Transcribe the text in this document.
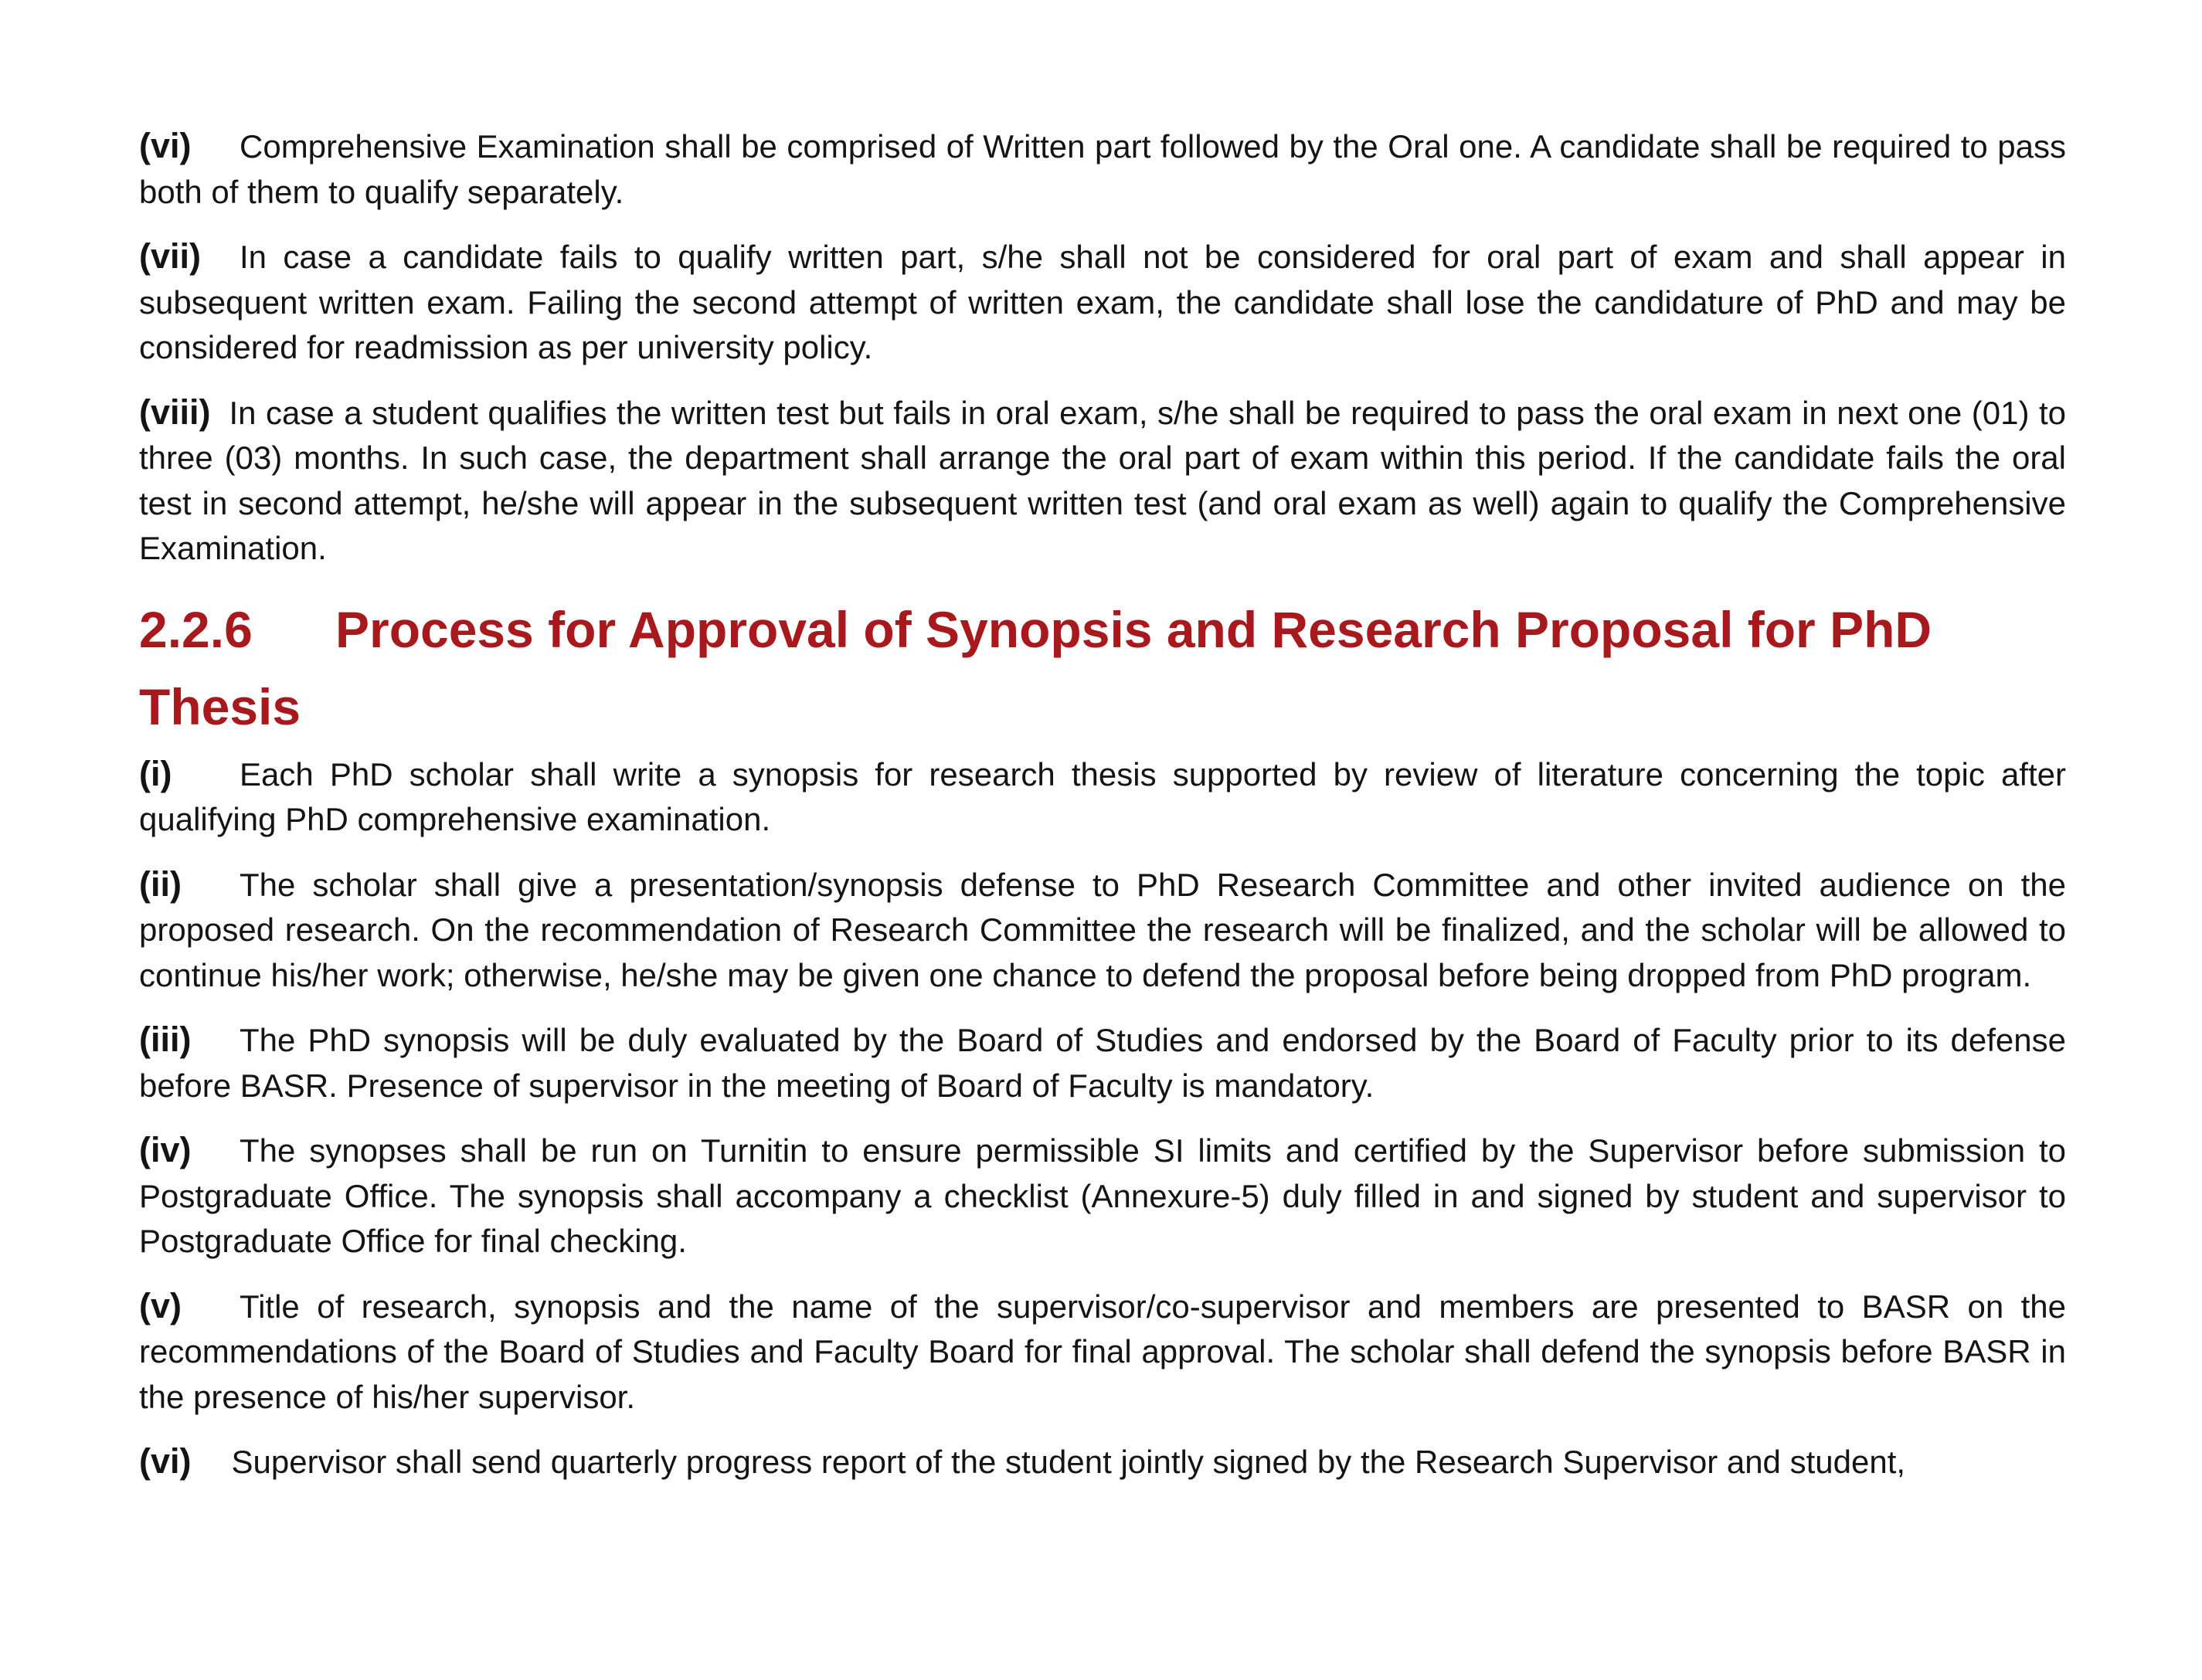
(vi) Comprehensive Examination shall be comprised of Written part followed by the Oral one. A candidate shall be required to pass both of them to qualify separately.

(vii) In case a candidate fails to qualify written part, s/he shall not be considered for oral part of exam and shall appear in subsequent written exam. Failing the second attempt of written exam, the candidate shall lose the candidature of PhD and may be considered for readmission as per university policy.

(viii) In case a student qualifies the written test but fails in oral exam, s/he shall be required to pass the oral exam in next one (01) to three (03) months. In such case, the department shall arrange the oral part of exam within this period. If the candidate fails the oral test in second attempt, he/she will appear in the subsequent written test (and oral exam as well) again to qualify the Comprehensive Examination.

2.2.6 Process for Approval of Synopsis and Research Proposal for PhD Thesis

(i) Each PhD scholar shall write a synopsis for research thesis supported by review of literature concerning the topic after qualifying PhD comprehensive examination.

(ii) The scholar shall give a presentation/synopsis defense to PhD Research Committee and other invited audience on the proposed research. On the recommendation of Research Committee the research will be finalized, and the scholar will be allowed to continue his/her work; otherwise, he/she may be given one chance to defend the proposal before being dropped from PhD program.

(iii) The PhD synopsis will be duly evaluated by the Board of Studies and endorsed by the Board of Faculty prior to its defense before BASR. Presence of supervisor in the meeting of Board of Faculty is mandatory.

(iv) The synopses shall be run on Turnitin to ensure permissible SI limits and certified by the Supervisor before submission to Postgraduate Office. The synopsis shall accompany a checklist (Annexure-5) duly filled in and signed by student and supervisor to Postgraduate Office for final checking.

(v) Title of research, synopsis and the name of the supervisor/co-supervisor and members are presented to BASR on the recommendations of the Board of Studies and Faculty Board for final approval. The scholar shall defend the synopsis before BASR in the presence of his/her supervisor.

(vi) Supervisor shall send quarterly progress report of the student jointly signed by the Research Supervisor and student,
